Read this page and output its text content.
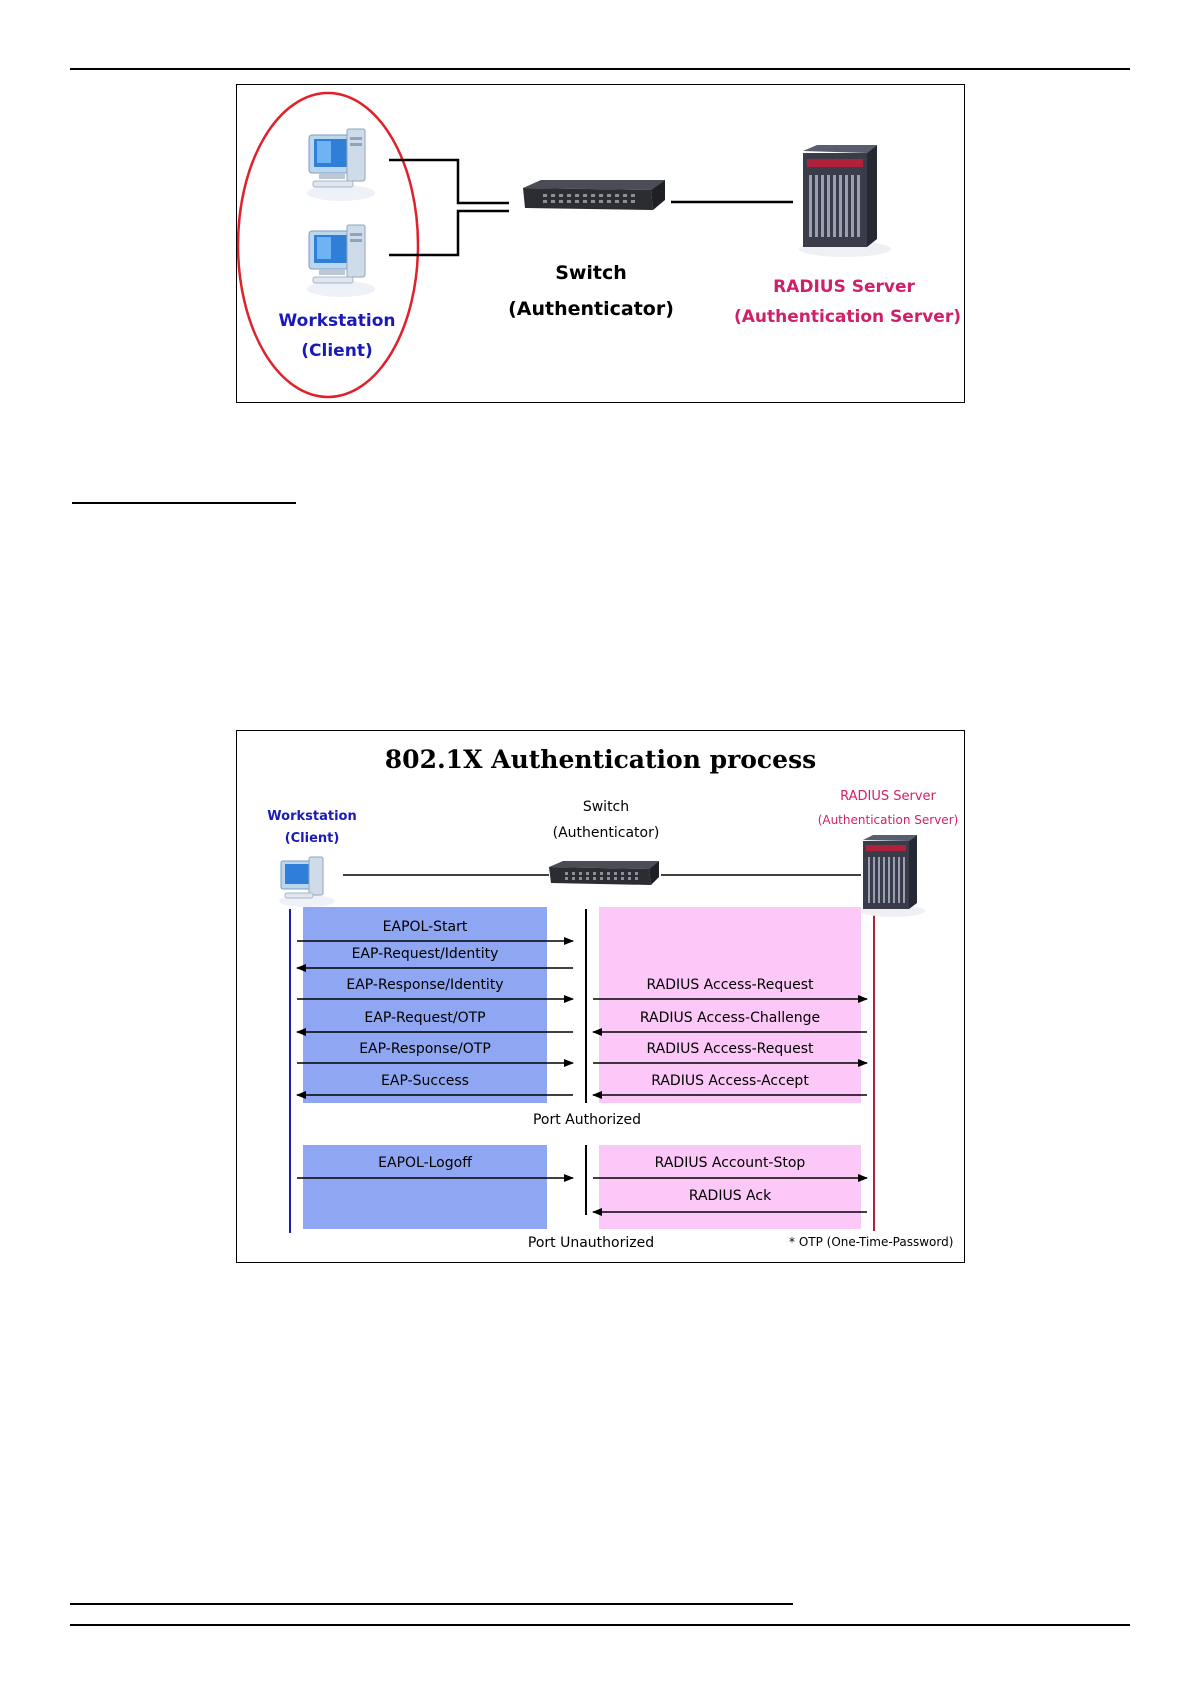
Workstation
(Client)
Switch
(Authenticator)
RADIUS Server
(Authentication Server)
802.1X Authentication process
Workstation
(Client)
Switch
(Authenticator)
RADIUS Server
(Authentication Server)
EAPOL-Start
EAP-Request/Identity
EAP-Response/Identity
EAP-Request/OTP
EAP-Response/OTP
EAP-Success
RADIUS Access-Request
RADIUS Access-Challenge
RADIUS Access-Request
RADIUS Access-Accept
Port Authorized
EAPOL-Logoff	RADIUS Account-Stop
RADIUS Ack
Port Unauthorized	* OTP (One-Time-Password)
